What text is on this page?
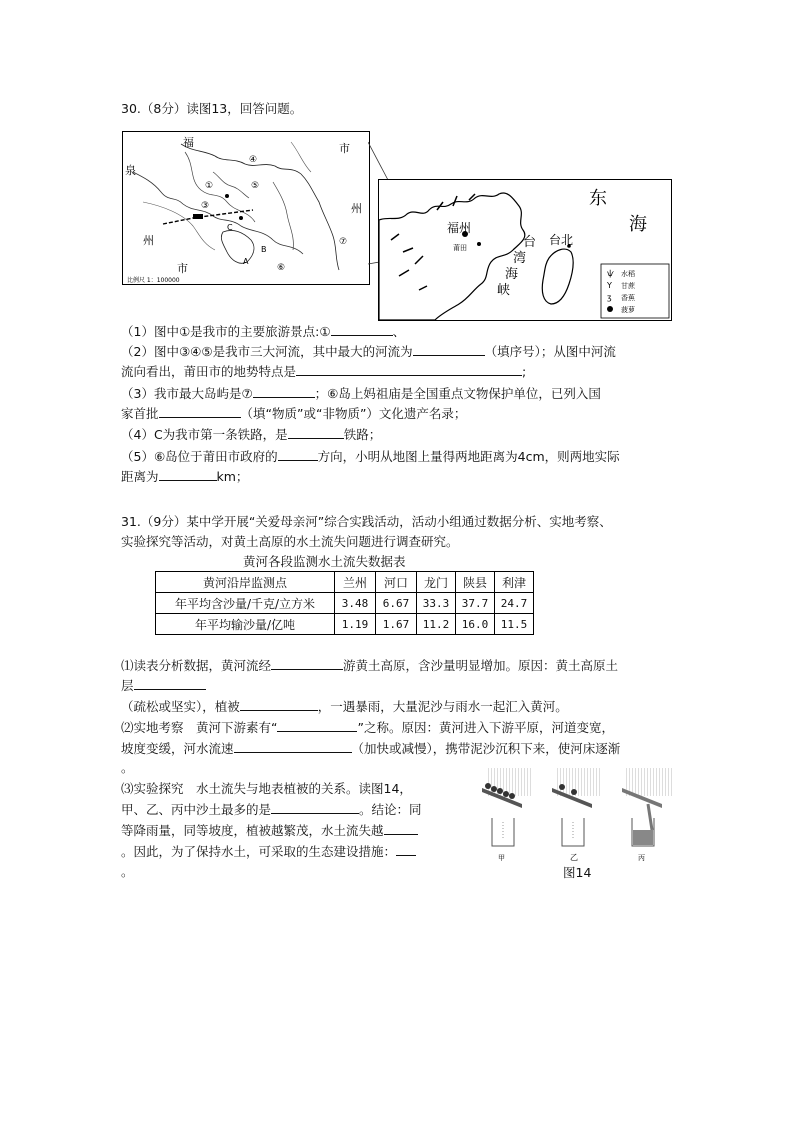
30.（8分）读图13，回答问题。
福
泉
州
市
市
州
①
④
③
⑤
⑦
⑥
C
A
B
比例尺 1：100000
东
海
福州
台 台北
湾
海
峡
莆田
ѱ 水稻
Y 甘蔗
ʒ 香蕉
菠萝
（1）图中①是我市的主要旅游景点:①	、
（2）图中③④⑤是我市三大河流，其中最大的河流为	（填序号）；从图中河流
流向看出，莆田市的地势特点是	;
（3）我市最大岛屿是⑦	；⑥岛上妈祖庙是全国重点文物保护单位，已列入国
家首批	（填“物质”或“非物质”）文化遗产名录；
（4）C为我市第一条铁路，是	铁路；
（5）⑥岛位于莆田市政府的	方向，小明从地图上量得两地距离为4cm，则两地实际
距离为	km；
31.（9分）某中学开展“关爱母亲河”综合实践活动，活动小组通过数据分析、实地考察、
实验探究等活动，对黄土高原的水土流失问题进行调查研究。
黄河各段监测水土流失数据表
黄河沿岸监测点	兰州	河口	龙门	陕县	利津
年平均含沙量/千克/立方米	3.48	6.67	33.3	37.7	24.7
年平均输沙量/亿吨	1.19	1.67	11.2	16.0	11.5
⑴读表分析数据，黄河流经	游黄土高原，含沙量明显增加。原因：黄土高原土
层
（疏松或坚实），植被	，一遇暴雨，大量泥沙与雨水一起汇入黄河。
⑵实地考察　黄河下游素有“	”之称。原因：黄河进入下游平原，河道变宽，
坡度变缓，河水流速	（加快或减慢），携带泥沙沉积下来，使河床逐渐
。
⑶实验探究　水土流失与地表植被的关系。读图14，
甲、乙、丙中沙土最多的是	。结论：同
等降雨量，同等坡度，植被越繁茂，水土流失越
。因此，为了保持水土，可采取的生态建设措施：
。
甲	乙	丙
图14
